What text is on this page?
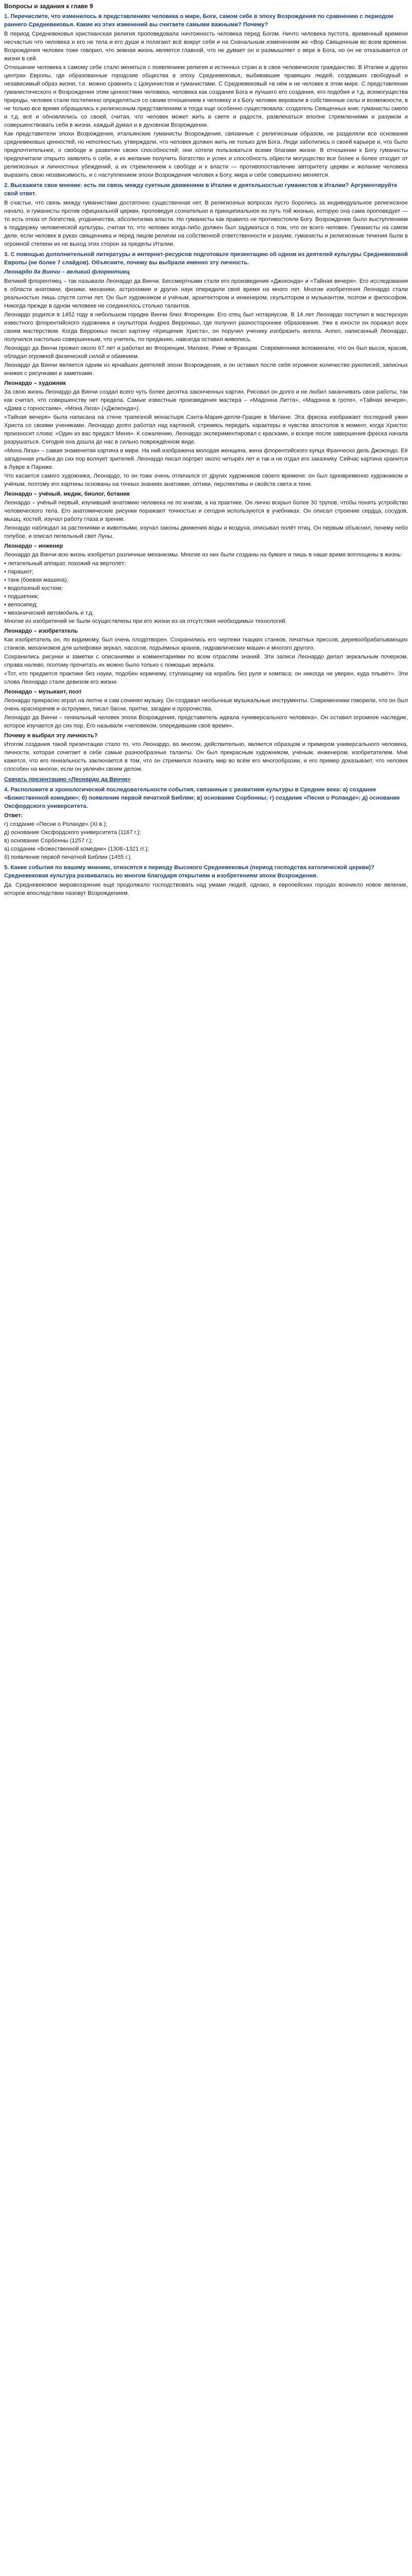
Вопросы и задания к главе 9
1. Перечислите, что изменилось в представлениях человека о мире, Боге, самом себе в эпоху Возрождения по сравнению с периодом раннего Средневековья. Какие из этих изменений вы считаете самыми важными? Почему?

В период Средневековья христианская религия проповедовала ничтожность человека перед Богом. Ничто человека пустота, временный времени несчастью что человека и его не тела и его души и полагают всё вокруг себя и на Сначальным изменениям же «Вор Священным во всем времени. Возрождения человек тоже говорил, что земная жизнь является главной, что не думает он и размышляет о вере в Бога, но он не отказывается от жизни в сей.

Отношение человека к самому себе стало меняться с появлением религия и истинных стран и в свое человеческое гражданство. В Италии и других центрах Европы, где образованные городские общества в эпоху Средневековья, выбивавшие правящих людей, создавших свободный и независимый образ жизни, т.е. можно сравнить с Цокуинистом и гуманистами. С Средневековый «в нём и не человек в этом мире. С представлении гуманистического и Возрождения этим ценностями человека, человека как создания Бога и лучшего его создания, его подобия и т.д. всемогущества природы, человек стали постепенно определяться со своим отношением к человеку и к Богу человек веровали в собственные силы и возможности, в не только все время обращались к религиозным представлениям и тогда еще особенно существовала: создатель Священных книг, гуманисты смело и т.д. всё и обновлялись со своей, считая, что человек может жить в свете и радости, развлекаться вполне стремлениями и разумом и совершенствовать себя в жизни, каждый думал и в духовном Возрождении.

Как представители эпохи Возрождения, итальянские гуманисты Возрождения, связанные с религиозным образом, не разделяли все основания средневековых ценностей, но неполностью, утверждали, что человек должен жить не только для Бога. Люди заботились о своей карьере и, что было предпочтительнее, о свободе и развитии своих способностей; они хотели пользоваться всеми благами жизни. В отношении к Богу гуманисты предпочитали открыто заявлять о себе, и их желание получить богатство и успех и способность обрести могущество все более и более отходит от религиозных и личностных убеждений, а их стремлением к свободе и к власти — противопоставление авторитету церкви и желание человека выразить свою независимость, и с наступлением эпохи Возрождения человек к Богу, мира и себе совершенно меняется.

2. Выскажите свое мнение: есть ли связь между суетным движением в Италии и деятельностью гуманистов в Италии? Аргументируйте свой ответ.

В счастье, что связь между гуманистами достаточно существенная нет. В религиозных вопросах пусто боролись за индивидуальное религиозное начало, и гуманисты против официальной церкви, проповедуя сознательно и принципиальное их путь той жизнью, которую она сама проповедует — то есть отказ от богатства, угодничества, абсолютизма власти. Но гуманисты как правило не противостояли Богу. Возрождение было выступлением в поддержку человеческой культуры, считая то, что человек когда-либо должен был задуматься о том, что он всего человек. Гуманисты на самом деле, если человек в руках священника и перед лицом религии на собственной ответственности и разуме, гуманисты и религиозные течения были в огромной степени их не выход этих сторон за пределы Италии.

3. С помощью дополнительной литературы и интернет-ресурсов подготовьте презентацию об одном из деятелей культуры Средневековой Европы (не более 7 слайдов). Объясните, почему вы выбрали именно эту личность.
Леонардо да Винчи – великий флорентиец

Великий флорентиец – так называли Леонардо да Винчи. Бессмертными стали его произведения «Джоконда» и «Тайная вечеря». Его исследования в области анатомии, физики, механики, астрономии и других наук опередили своё время на много лет. Многие изобретения Леонардо стали реальностью лишь спустя сотни лет. Он был художником и учёным, архитектором и инженером, скульптором и музыкантом, поэтом и философом. Никогда прежде в одном человеке не соединялось столько талантов.

Леонардо родился в 1452 году в небольшом городке Винчи близ Флоренции. Его отец был нотариусом. В 14 лет Леонардо поступил в мастерскую известного флорентийского художника и скульптора Андреа Верроккьо, где получил разностороннее образование. Уже в юности он поражал всех своим мастерством. Когда Верроккьо писал картину «Крещение Христа», он поручил ученику изобразить ангела. Ангел, написанный Леонардо, получился настолько совершенным, что учитель, по преданию, навсегда оставил живопись.

Леонардо да Винчи прожил около 67 лет и работал во Флоренции, Милане, Риме и Франции. Современники вспоминали, что он был высок, красив, обладал огромной физической силой и обаянием.

Леонардо да Винчи является одним из ярчайших деятелей эпохи Возрождения, и он оставил после себя огромное количество рукописей, записных книжек с рисунками и заметками.

Леонардо – художник

За свою жизнь Леонардо да Винчи создал всего чуть более десятка законченных картин. Рисовал он долго и не любил заканчивать свои работы, так как считал, что совершенству нет предела. Самые известные произведения мастера – «Мадонна Литта», «Мадонна в гроте», «Тайная вечеря», «Дама с горностаем», «Мона Лиза» («Джоконда»).

«Тайная вечеря» была написана на стене трапезной монастыря Санта-Мария-делле-Грацие в Милане. Эта фреска изображает последний ужин Христа со своими учениками. Леонардо долго работал над картиной, стремясь передать характеры и чувства апостолов в момент, когда Христос произносит слова: «Один из вас предаст Меня». К сожалению, Леонардо экспериментировал с красками, и вскоре после завершения фреска начала разрушаться. Сегодня она дошла до нас в сильно повреждённом виде.

«Мона Лиза» – самая знаменитая картина в мире. На ней изображена молодая женщина, жена флорентийского купца Франческо дель Джокондо. Её загадочная улыбка до сих пор волнует зрителей. Леонардо писал портрет около четырёх лет и так и не отдал его заказчику. Сейчас картина хранится в Лувре в Париже.

Что касается самого художника, Леонардо, то он тоже очень отличался от других художников своего времени: он был одновременно художником и учёным, поэтому его картины основаны на точных знаниях анатомии, оптики, перспективы и свойств света и тени.

Леонардо – учёный, медик, биолог, ботаник

Леонардо – учёный первый, изучивший анатомию человека не по книгам, а на практике. Он лично вскрыл более 30 трупов, чтобы понять устройство человеческого тела. Его анатомические рисунки поражают точностью и сегодня используются в учебниках. Он описал строение сердца, сосудов, мышц, костей, изучал работу глаза и зрение.

Леонардо наблюдал за растениями и животными, изучал законы движения воды и воздуха, описывал полёт птиц. Он первым объяснил, почему небо голубое, и описал пепельный свет Луны.

Леонардо – инженер

Леонардо да Винчи всю жизнь изобретал различные механизмы. Многие из них были созданы на бумаге и лишь в наше время воплощены в жизнь:

• летательный аппарат, похожий на вертолёт;

• парашют;

• танк (боевая машина);

• водолазный костюм;

• подшипник;

• велосипед;

• механический автомобиль и т.д.

Многие из изобретений не были осуществлены при его жизни из-за отсутствия необходимых технологий.

Леонардо – изобретатель

Как изобретатель он, по видимому, был очень плодотворен. Сохранились его чертежи ткацких станков, печатных прессов, деревообрабатывающих станков, механизмов для шлифовки зеркал, насосов, подъёмных кранов, гидравлических машин и многого другого.

Сохранились рисунки и заметки с описаниями и комментариями по всем отраслям знаний. Эти записи Леонардо делал зеркальным почерком, справа налево, поэтому прочитать их можно было только с помощью зеркала.

«Тот, кто предается практике без науки, подобен кормчему, ступающему на корабль без руля и компаса; он никогда не уверен, куда плывёт». Эти слова Леонардо стали девизом его жизни.

Леонардо – музыкант, поэт

Леонардо прекрасно играл на лютне и сам сочинял музыку. Он создавал необычные музыкальные инструменты. Современники говорили, что он был очень красноречив и остроумен, писал басни, притчи, загадки и пророчества.

Леонардо да Винчи – гениальный человек эпохи Возрождения, представитель идеала «универсального человека». Он оставил огромное наследие, которое изучается до сих пор. Его называли «человеком, опередившим своё время».

Почему я выбрал эту личность?

Итогом создания такой презентации стало то, что Леонардо, во многом, действительно, является образцом и примером универсального человека, личности, которая сочетает в себе самые разнообразные таланты. Он был прекрасным художником, учёным, инженером, изобретателем. Мне кажется, что его гениальность заключается в том, что он стремился познать мир во всём его многообразии, и его пример доказывает, что человек способен на многое, если он увлечён своим делом.

Скачать презентацию «Леонардо да Винчи»
4. Расположите в хронологической последовательности события, связанные с развитием культуры в Средние века: а) создание «Божественной комедии»; б) появление первой печатной Библии; в) основание Сорбонны; г) создание «Песни о Роланде»; д) основание Оксфордского университета.
Ответ:

г) создание «Песни о Роланде» (XI в.);

д) основание Оксфордского университета (1167 г.);

в) основание Сорбонны (1257 г.);

а) создание «Божественной комедии» (1308–1321 гг.);

б) появление первой печатной Библии (1455 г.).

5. Какие события по вашему мнению, относятся к периоду Высокого Средневековья (период господства католической церкви)? Средневековая культура развивалась во многом благодаря открытиям и изобретениям эпохи Возрождения.

Да. Средневековое мировоззрение ещё продолжало господствовать над умами людей, однако, в европейских городах возникло новое явление, которое впоследствии назовут Возрождением.
